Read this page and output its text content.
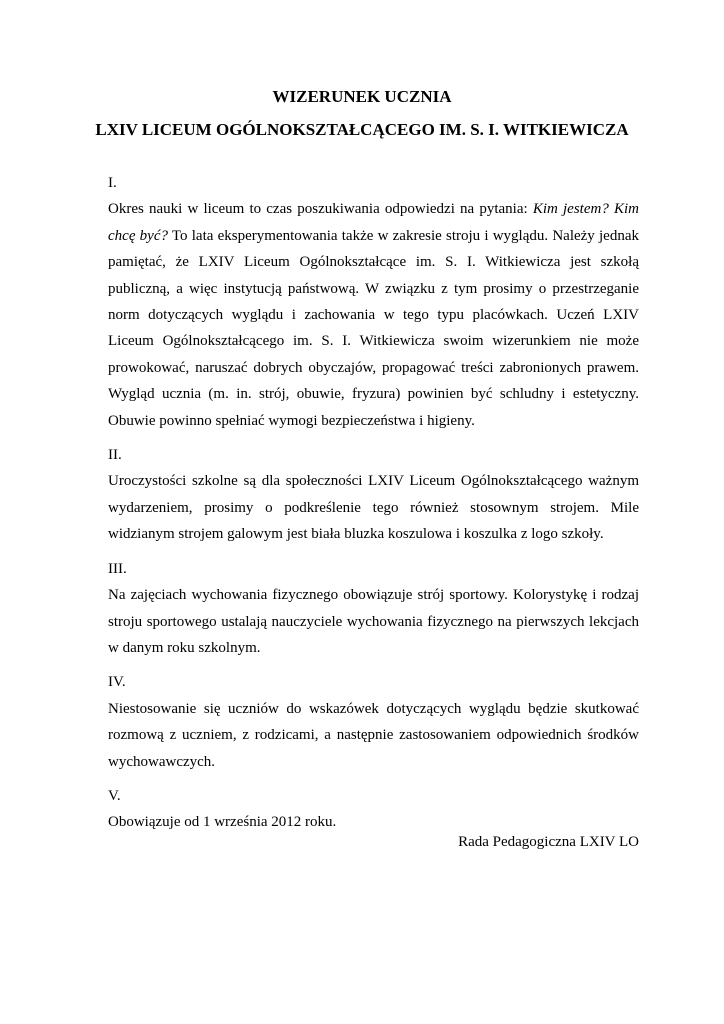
WIZERUNEK UCZNIA
LXIV LICEUM OGÓLNOKSZTAŁCĄCEGO IM. S. I. WITKIEWICZA
I.

Okres nauki w liceum to czas poszukiwania odpowiedzi na pytania: Kim jestem? Kim chcę być? To lata eksperymentowania także w zakresie stroju i wyglądu. Należy jednak pamiętać, że LXIV Liceum Ogólnokształcące im. S. I. Witkiewicza jest szkołą publiczną, a więc instytucją państwową. W związku z tym prosimy o przestrzeganie norm dotyczących wyglądu i zachowania w tego typu placówkach. Uczeń LXIV Liceum Ogólnokształcącego im. S. I. Witkiewicza swoim wizerunkiem nie może prowokować, naruszać dobrych obyczajów, propagować treści zabronionych prawem. Wygląd ucznia (m. in. strój, obuwie, fryzura) powinien być schludny i estetyczny. Obuwie powinno spełniać wymogi bezpieczeństwa i higieny.

II.

Uroczystości szkolne są dla społeczności LXIV Liceum Ogólnokształcącego ważnym wydarzeniem, prosimy o podkreślenie tego również stosownym strojem. Mile widzianym strojem galowym jest biała bluzka koszulowa i koszulka z logo szkoły.

III.

Na zajęciach wychowania fizycznego obowiązuje strój sportowy. Kolorystykę i rodzaj stroju sportowego ustalają nauczyciele wychowania fizycznego na pierwszych lekcjach w danym roku szkolnym.

IV.

Niestosowanie się uczniów do wskazówek dotyczących wyglądu będzie skutkować rozmową z uczniem, z rodzicami, a następnie zastosowaniem odpowiednich środków wychowawczych.

V.

Obowiązuje od 1 września 2012 roku.

Rada Pedagogiczna LXIV LO
